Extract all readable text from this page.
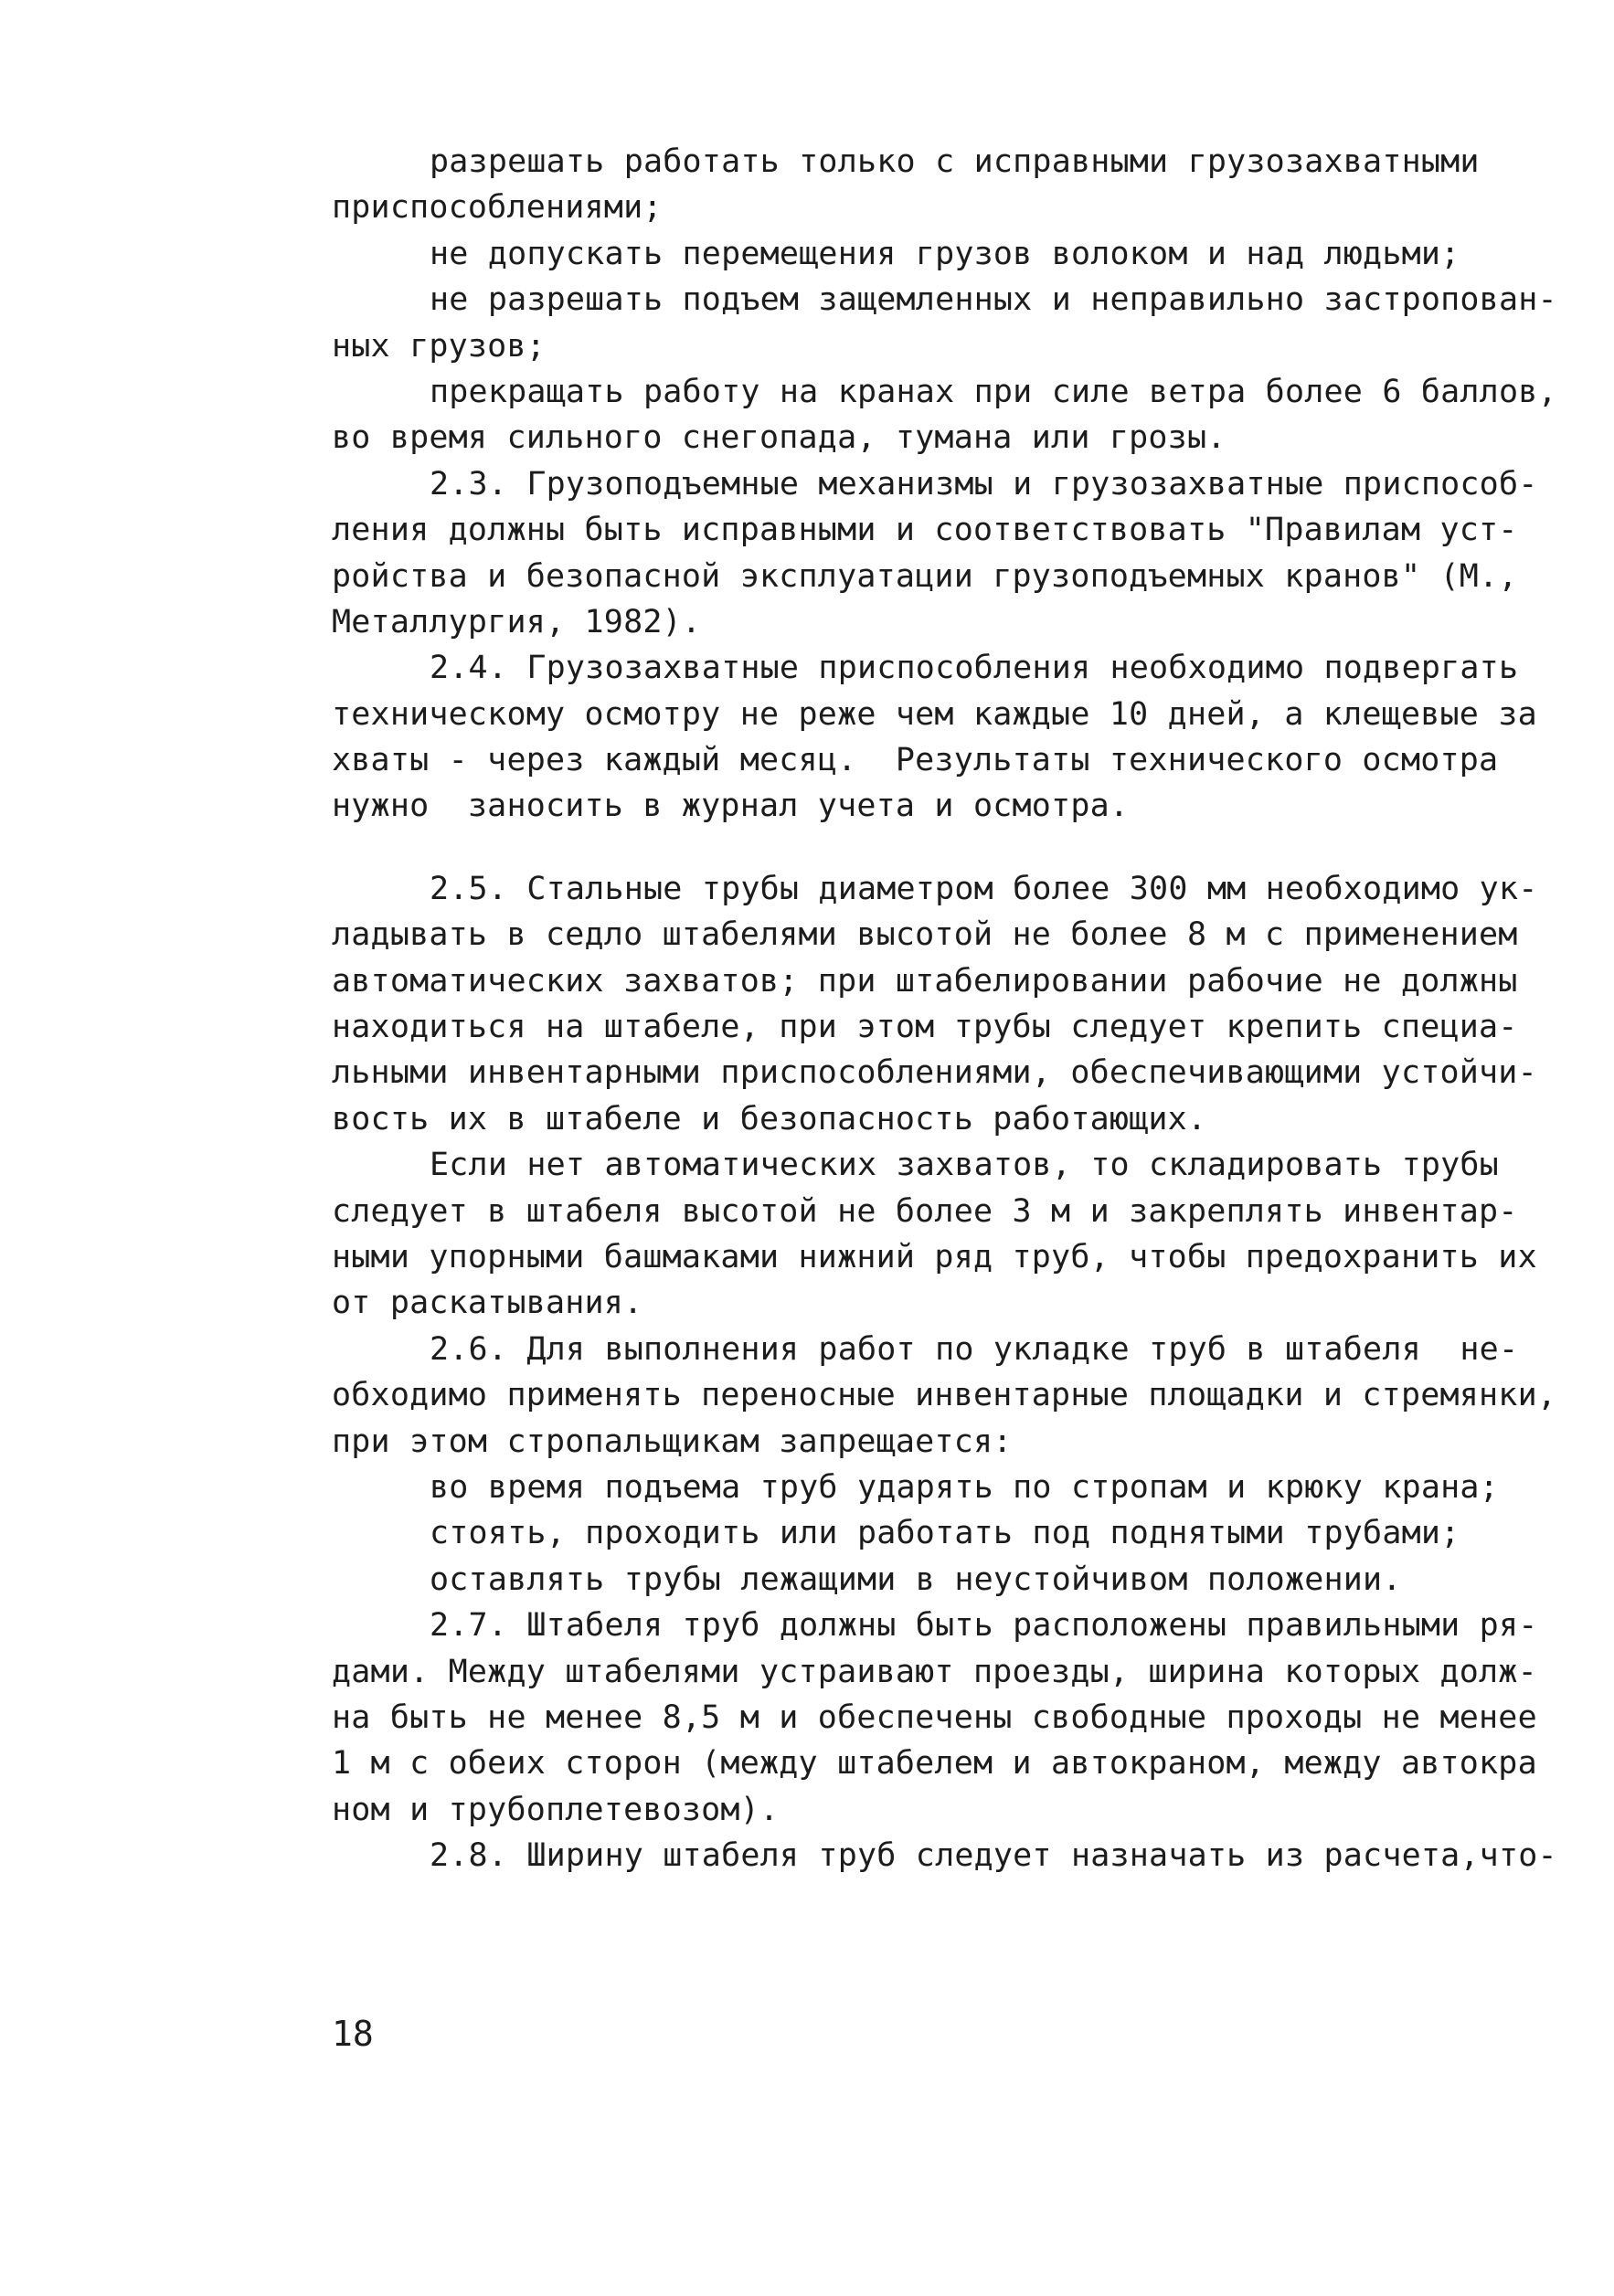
разрешать работать только с исправными грузозахватными
приспособлениями;
не допускать перемещения грузов волоком и над людьми;
не разрешать подъем защемленных и неправильно застропован-
ных грузов;
прекращать работу на кранах при силе ветра более 6 баллов,
во время сильного снегопада, тумана или грозы.
2.3. Грузоподъемные механизмы и грузозахватные приспособ-
ления должны быть исправными и соответствовать "Правилам уст-
ройства и безопасной эксплуатации грузоподъемных кранов" (М.,
Металлургия, 1982).
2.4. Грузозахватные приспособления необходимо подвергать
техническому осмотру не реже чем каждые 10 дней, а клещевые за
хваты - через каждый месяц.  Результаты технического осмотра
нужно  заносить в журнал учета и осмотра.
2.5. Стальные трубы диаметром более 300 мм необходимо ук-
ладывать в седло штабелями высотой не более 8 м с применением
автоматических захватов; при штабелировании рабочие не должны
находиться на штабеле, при этом трубы следует крепить специа-
льными инвентарными приспособлениями, обеспечивающими устойчи-
вость их в штабеле и безопасность работающих.
Если нет автоматических захватов, то складировать трубы
следует в штабеля высотой не более 3 м и закреплять инвентар-
ными упорными башмаками нижний ряд труб, чтобы предохранить их
от раскатывания.
2.6. Для выполнения работ по укладке труб в штабеля  не-
обходимо применять переносные инвентарные площадки и стремянки,
при этом стропальщикам запрещается:
во время подъема труб ударять по стропам и крюку крана;
стоять, проходить или работать под поднятыми трубами;
оставлять трубы лежащими в неустойчивом положении.
2.7. Штабеля труб должны быть расположены правильными ря-
дами. Между штабелями устраивают проезды, ширина которых долж-
на быть не менее 8,5 м и обеспечены свободные проходы не менее
1 м с обеих сторон (между штабелем и автокраном, между автокра
ном и трубоплетевозом).
2.8. Ширину штабеля труб следует назначать из расчета,что-
18
